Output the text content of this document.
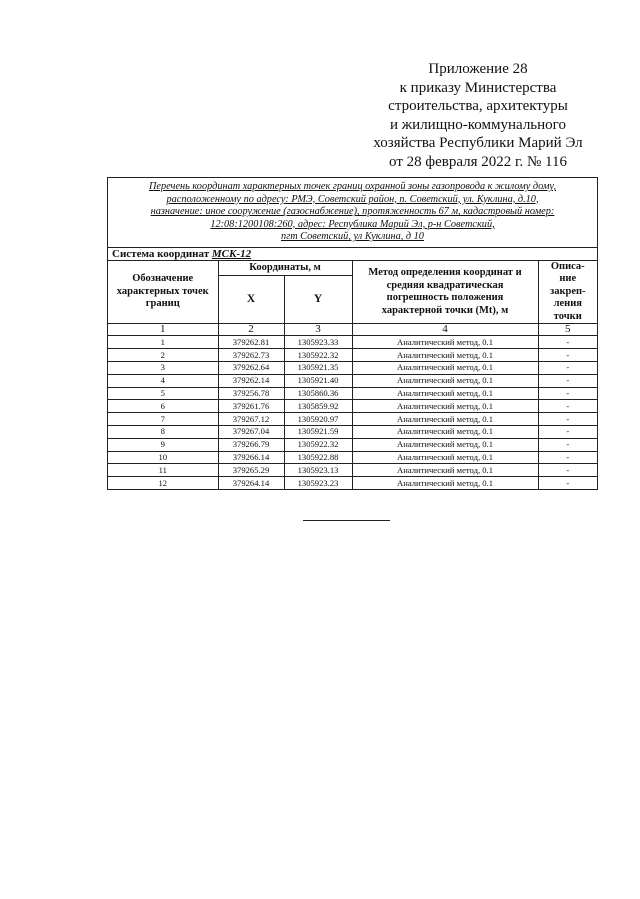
Приложение 28
к приказу Министерства
строительства, архитектуры
и жилищно-коммунального
хозяйства Республики Марий Эл
от 28 февраля 2022 г. № 116
Перечень координат характерных точек границ охранной зоны газопровода к жилому дому,
расположенному по адресу: РМЭ, Советский район, п. Советский, ул. Куклина, д.10,
назначение: иное сооружение (газоснабжение), протяженность 67 м, кадастровый номер:
12:08:1200108:260, адрес: Республика Марий Эл, р-н Советский,
пгт Советский, ул Куклина, д 10
Система координат МСК-12
Обозначение характерных точек границ	Координаты, м		Метод определения координат и средняя квадратическая погрешность положения характерной точки (Mt), м	Описа-ние закреп-ления точки
	X	Y		
1	2	3	4	5
1	379262.81	1305923.33	Аналитический метод, 0.1	-
2	379262.73	1305922.32	Аналитический метод, 0.1	-
3	379262.64	1305921.35	Аналитический метод, 0.1	-
4	379262.14	1305921.40	Аналитический метод, 0.1	-
5	379256.78	1305860.36	Аналитический метод, 0.1	-
6	379261.76	1305859.92	Аналитический метод, 0.1	-
7	379267.12	1305920.97	Аналитический метод, 0.1	-
8	379267.04	1305921.59	Аналитический метод, 0.1	-
9	379266.79	1305922.32	Аналитический метод, 0.1	-
10	379266.14	1305922.88	Аналитический метод, 0.1	-
11	379265.29	1305923.13	Аналитический метод, 0.1	-
12	379264.14	1305923.23	Аналитический метод, 0.1	-
